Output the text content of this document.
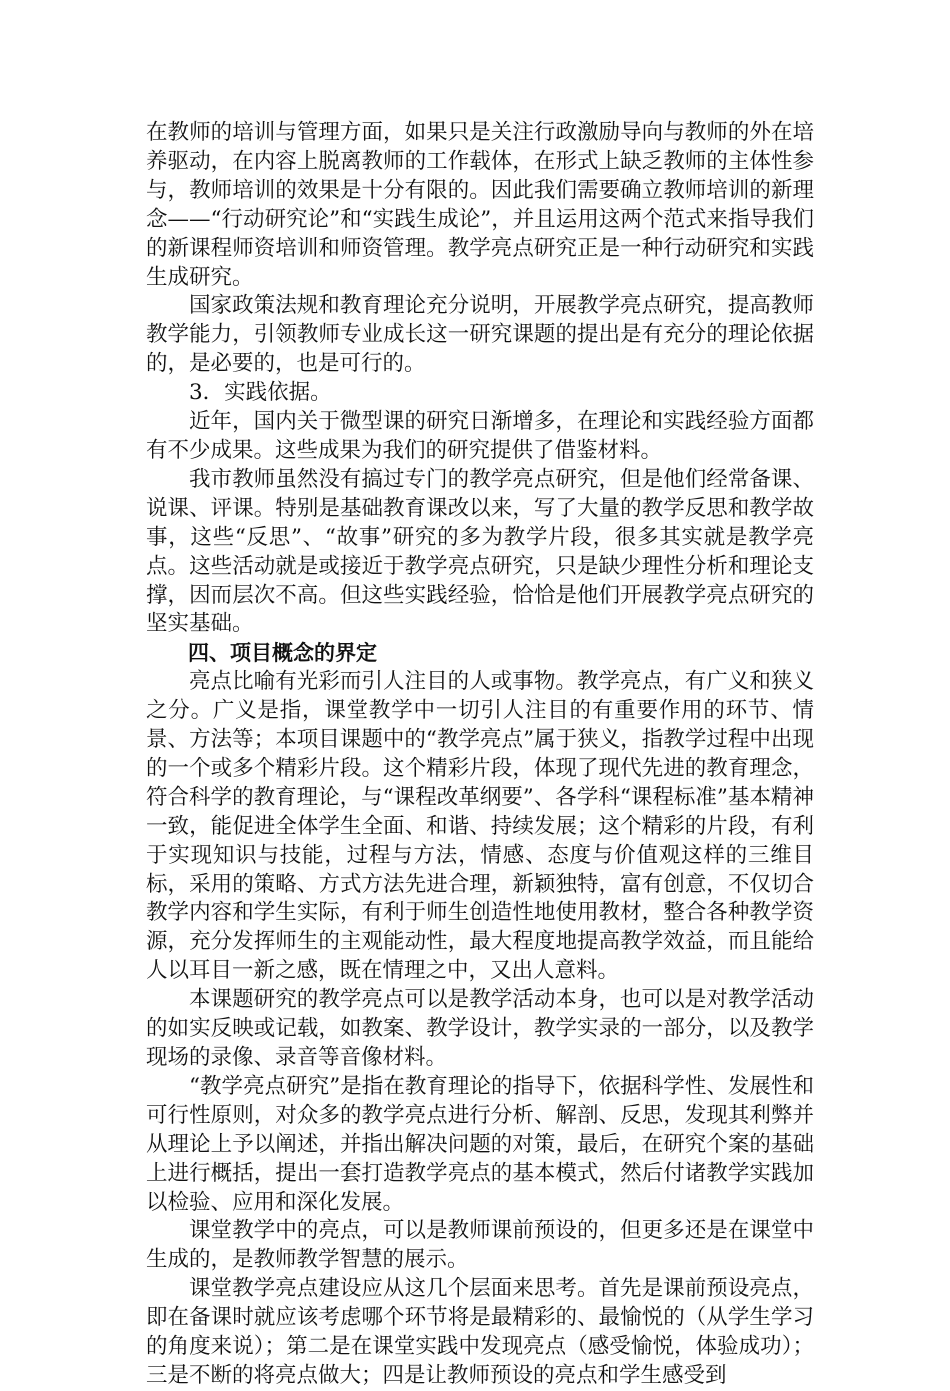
在教师的培训与管理方面，如果只是关注行政激励导向与教师的外在培养驱动，在内容上脱离教师的工作载体，在形式上缺乏教师的主体性参与，教师培训的效果是十分有限的。因此我们需要确立教师培训的新理念——“行动研究论”和“实践生成论”，并且运用这两个范式来指导我们的新课程师资培训和师资管理。教学亮点研究正是一种行动研究和实践生成研究。

国家政策法规和教育理论充分说明，开展教学亮点研究，提高教师教学能力，引领教师专业成长这一研究课题的提出是有充分的理论依据的，是必要的，也是可行的。

3．实践依据。

近年，国内关于微型课的研究日渐增多，在理论和实践经验方面都有不少成果。这些成果为我们的研究提供了借鉴材料。

我市教师虽然没有搞过专门的教学亮点研究，但是他们经常备课、说课、评课。特别是基础教育课改以来，写了大量的教学反思和教学故事，这些“反思”、“故事”研究的多为教学片段，很多其实就是教学亮点。这些活动就是或接近于教学亮点研究，只是缺少理性分析和理论支撑，因而层次不高。但这些实践经验，恰恰是他们开展教学亮点研究的坚实基础。

四、项目概念的界定

亮点比喻有光彩而引人注目的人或事物。教学亮点，有广义和狭义之分。广义是指，课堂教学中一切引人注目的有重要作用的环节、情景、方法等；本项目课题中的“教学亮点”属于狭义，指教学过程中出现的一个或多个精彩片段。这个精彩片段，体现了现代先进的教育理念，符合科学的教育理论，与“课程改革纲要”、各学科“课程标准”基本精神一致，能促进全体学生全面、和谐、持续发展；这个精彩的片段，有利于实现知识与技能，过程与方法，情感、态度与价值观这样的三维目标，采用的策略、方式方法先进合理，新颖独特，富有创意，不仅切合教学内容和学生实际，有利于师生创造性地使用教材，整合各种教学资源，充分发挥师生的主观能动性，最大程度地提高教学效益，而且能给人以耳目一新之感，既在情理之中，又出人意料。

本课题研究的教学亮点可以是教学活动本身，也可以是对教学活动的如实反映或记载，如教案、教学设计，教学实录的一部分，以及教学现场的录像、录音等音像材料。

“教学亮点研究”是指在教育理论的指导下，依据科学性、发展性和可行性原则，对众多的教学亮点进行分析、解剖、反思，发现其利弊并从理论上予以阐述，并指出解决问题的对策，最后，在研究个案的基础上进行概括，提出一套打造教学亮点的基本模式，然后付诸教学实践加以检验、应用和深化发展。

课堂教学中的亮点，可以是教师课前预设的，但更多还是在课堂中生成的，是教师教学智慧的展示。

课堂教学亮点建设应从这几个层面来思考。首先是课前预设亮点，即在备课时就应该考虑哪个环节将是最精彩的、最愉悦的（从学生学习的角度来说）；第二是在课堂实践中发现亮点（感受愉悦，体验成功）；三是不断的将亮点做大；四是让教师预设的亮点和学生感受到
